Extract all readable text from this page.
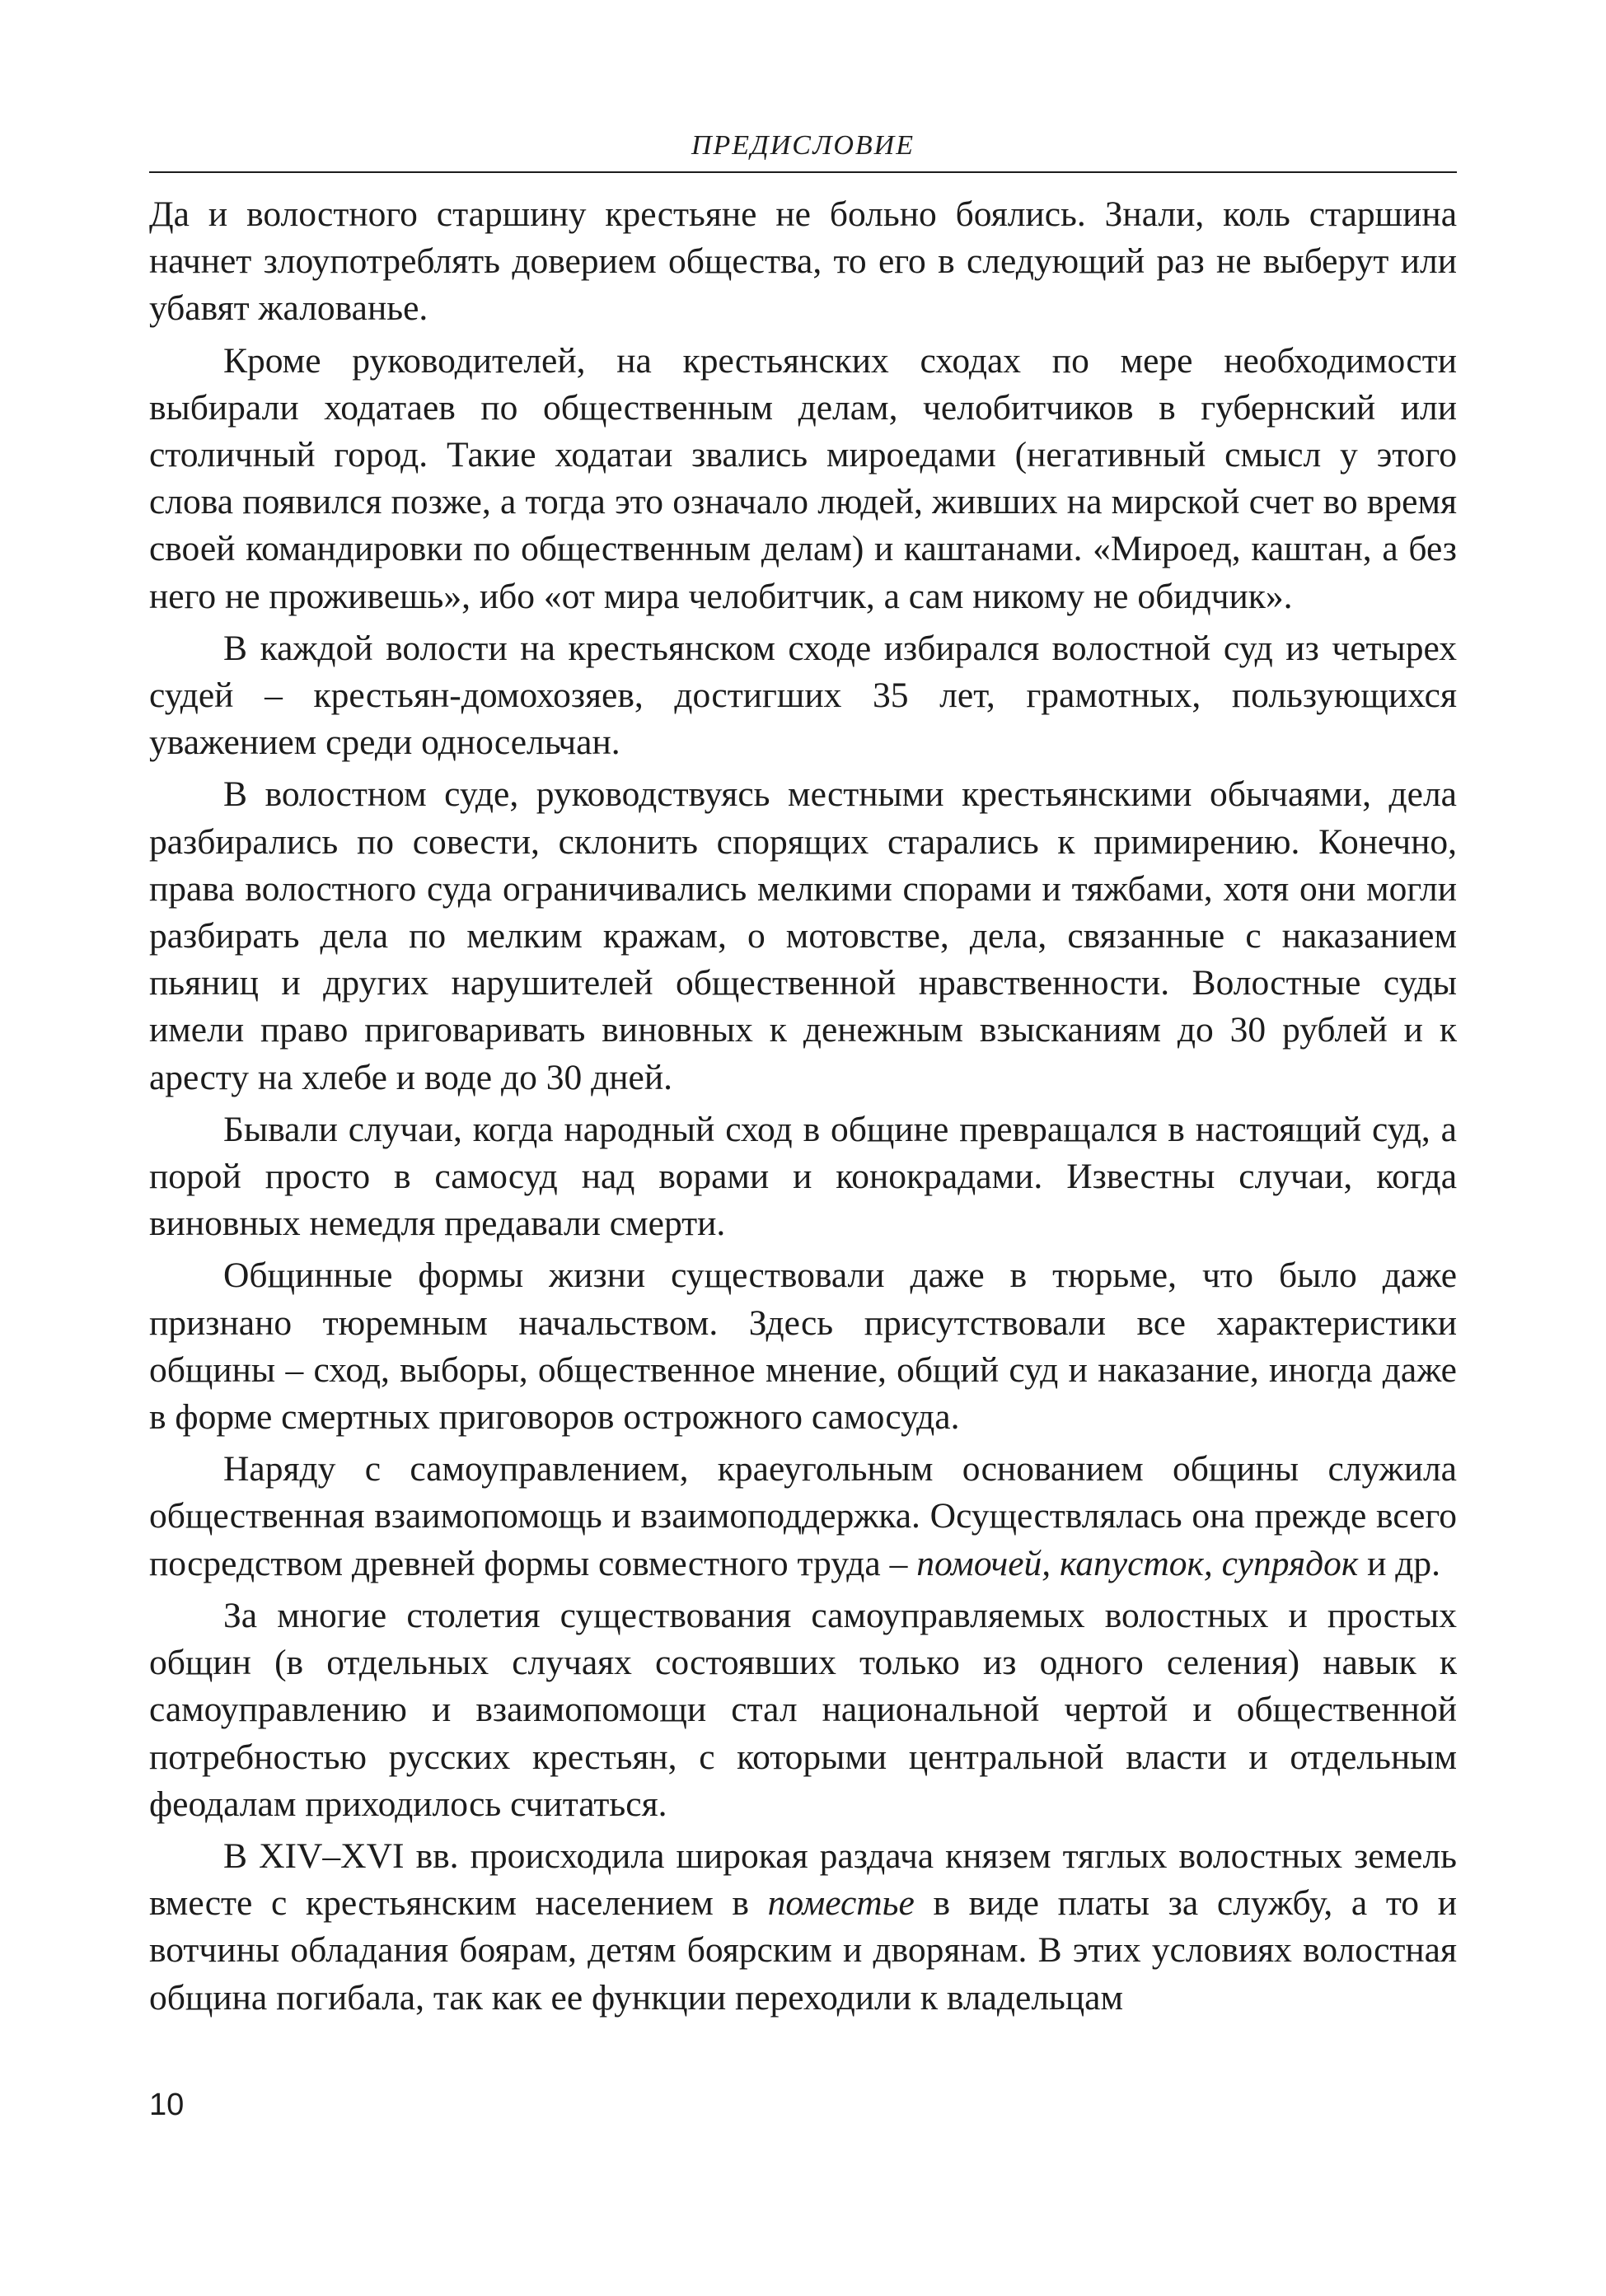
ПРЕДИСЛОВИЕ

Да и волостного старшину крестьяне не больно боялись. Знали, коль старшина начнет злоупотреблять доверием общества, то его в следующий раз не выберут или убавят жалованье.

Кроме руководителей, на крестьянских сходах по мере необходимости выбирали ходатаев по общественным делам, челобитчиков в губернский или столичный город. Такие ходатаи звались мироедами (негативный смысл у этого слова появился позже, а тогда это означало людей, живших на мирской счет во время своей командировки по общественным делам) и каштанами. «Мироед, каштан, а без него не проживешь», ибо «от мира челобитчик, а сам никому не обидчик».

В каждой волости на крестьянском сходе избирался волостной суд из четырех судей – крестьян-домохозяев, достигших 35 лет, грамотных, пользующихся уважением среди односельчан.

В волостном суде, руководствуясь местными крестьянскими обычаями, дела разбирались по совести, склонить спорящих старались к примирению. Конечно, права волостного суда ограничивались мелкими спорами и тяжбами, хотя они могли разбирать дела по мелким кражам, о мотовстве, дела, связанные с наказанием пьяниц и других нарушителей общественной нравственности. Волостные суды имели право приговаривать виновных к денежным взысканиям до 30 рублей и к аресту на хлебе и воде до 30 дней.

Бывали случаи, когда народный сход в общине превращался в настоящий суд, а порой просто в самосуд над ворами и конокрадами. Известны случаи, когда виновных немедля предавали смерти.

Общинные формы жизни существовали даже в тюрьме, что было даже признано тюремным начальством. Здесь присутствовали все характеристики общины – сход, выборы, общественное мнение, общий суд и наказание, иногда даже в форме смертных приговоров острожного самосуда.

Наряду с самоуправлением, краеугольным основанием общины служила общественная взаимопомощь и взаимоподдержка. Осуществлялась она прежде всего посредством древней формы совместного труда – помочей, капусток, супрядок и др.

За многие столетия существования самоуправляемых волостных и простых общин (в отдельных случаях состоявших только из одного селения) навык к самоуправлению и взаимопомощи стал национальной чертой и общественной потребностью русских крестьян, с которыми центральной власти и отдельным феодалам приходилось считаться.

В XIV–XVI вв. происходила широкая раздача князем тяглых волостных земель вместе с крестьянским населением в поместье в виде платы за службу, а то и вотчины обладания боярам, детям боярским и дворянам. В этих условиях волостная община погибала, так как ее функции переходили к владельцам

10
